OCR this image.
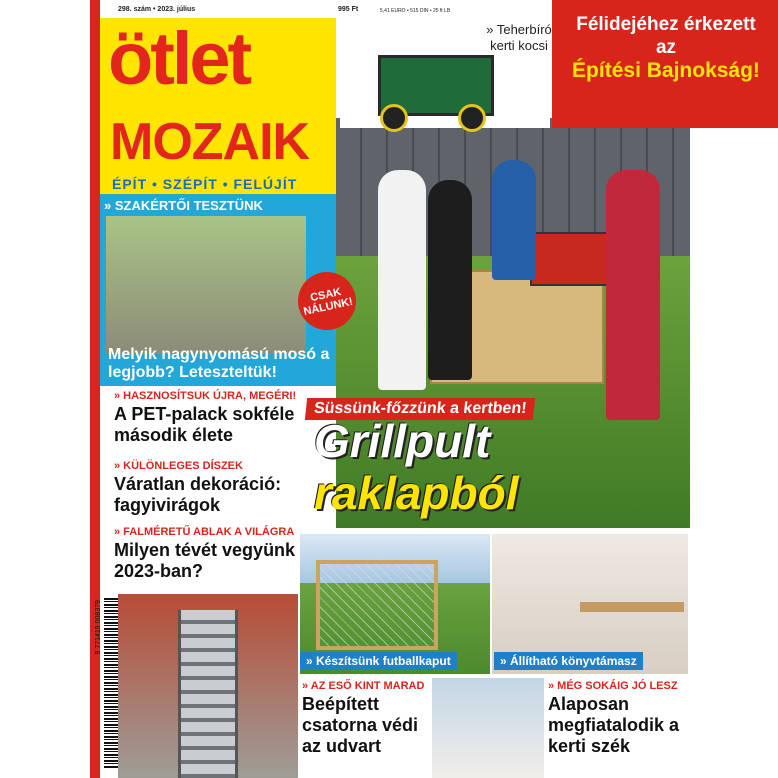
298. szám • 2023. július	995 Ft	5,41 EURO • 515 DIN • 25 ft LB
» Teherbíró kerti kocsi
Félidejéhez érkezett az
Építési Bajnokság!
ötlet
MOZAIK
ÉPÍT • SZÉPÍT • FELÚJÍT
» SZAKÉRTŐI TESZTÜNK
Melyik nagynyomású mosó a legjobb? Leteszteltük!
CSAK NÁLUNK!
Süssünk-főzzünk a kertben!
Grillpult
raklapból
» HASZNOSÍTSUK ÚJRA, MEGÉRI!
A PET-palack sokféle második élete
» KÜLÖNLEGES DÍSZEK
Váratlan dekoráció: fagyivirágok
» FALMÉRETŰ ABLAK A VILÁGRA
Milyen tévét vegyünk 2023-ban?
9 771419 008379
» Készítsünk futballkaput	» Állítható könyvtámasz
» AZ ESŐ KINT MARAD
Beépített csatorna védi az udvart
» MÉG SOKÁIG JÓ LESZ
Alaposan megfiatalodik a kerti szék
